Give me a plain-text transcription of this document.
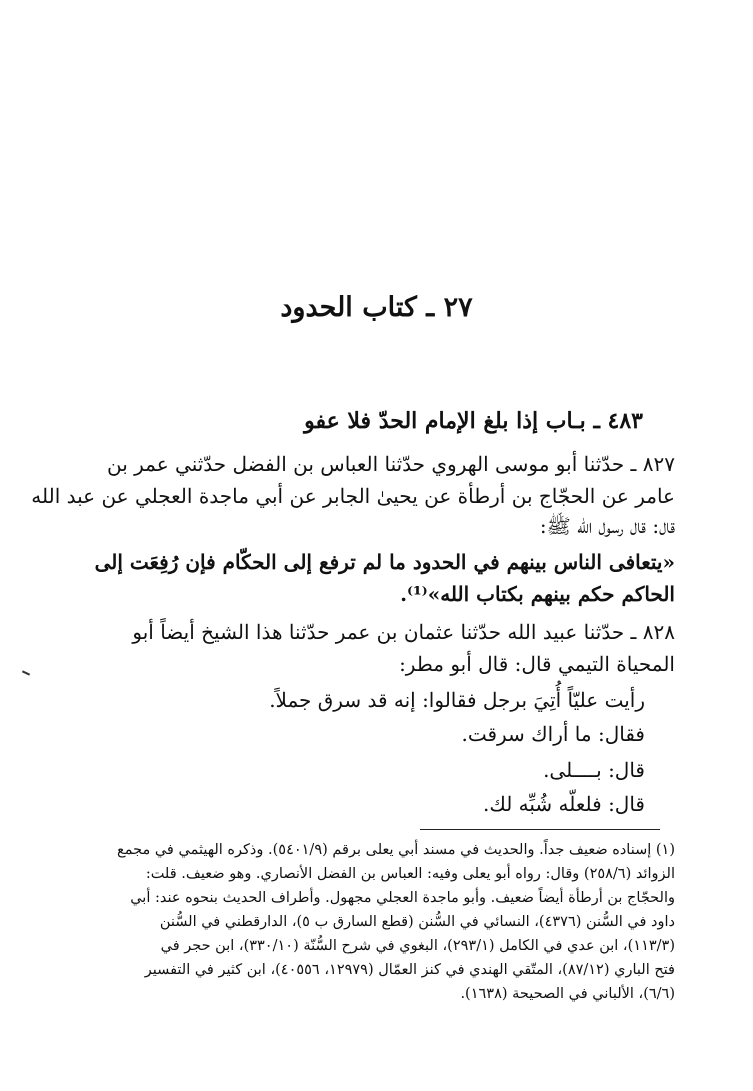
٢٧ ـ كتاب الحدود
٤٨٣ ـ بـاب إذا بلغ الإمام الحدّ فلا عفو
٨٢٧ ـ حدّثنا أبو موسى الهروي حدّثنا العباس بن الفضل حدّثني عمر بن
عامر عن الحجّاج بن أرطأة عن يحيىٰ الجابر عن أبي ماجدة العجلي عن عبد الله
قال: قال رسول الله ﷺ:
«يتعافى الناس بينهم في الحدود ما لم ترفع إلى الحكّام فإن رُفِعَت إلى
الحاكم حكم بينهم بكتاب الله»⁽¹⁾.
٨٢٨ ـ حدّثنا عبيد الله حدّثنا عثمان بن عمر حدّثنا هذا الشيخ أيضاً أبو
المحياة التيمي قال: قال أبو مطر:
رأيت عليّاً أُتِيَ برجل فقالوا: إنه قد سرق جملاً.
فقال: ما أراك سرقت.
قال: بــــلى.
قال: فلعلّه شُبِّه لك.
(١) إسناده ضعيف جداً. والحديث في مسند أبي يعلى برقم (٥٤٠١/٩). وذكره الهيثمي في مجمع
الزوائد (٢٥٨/٦) وقال: رواه أبو يعلى وفيه: العباس بن الفضل الأنصاري. وهو ضعيف. قلت:
والحجّاج بن أرطأة أيضاً ضعيف. وأبو ماجدة العجلي مجهول. وأطراف الحديث بنحوه عند: أبي
داود في السُّنن (٤٣٧٦)، النسائي في السُّنن (قطع السارق ب ٥)، الدارقطني في السُّنن
(١١٣/٣)، ابن عدي في الكامل (٢٩٣/١)، البغوي في شرح السُّنّة (٣٣٠/١٠)، ابن حجر في
فتح الباري (٨٧/١٢)، المتّقي الهندي في كنز العمّال (١٢٩٧٩، ٤٠٥٥٦)، ابن كثير في التفسير
(٦/٦)، الألباني في الصحيحة (١٦٣٨).
